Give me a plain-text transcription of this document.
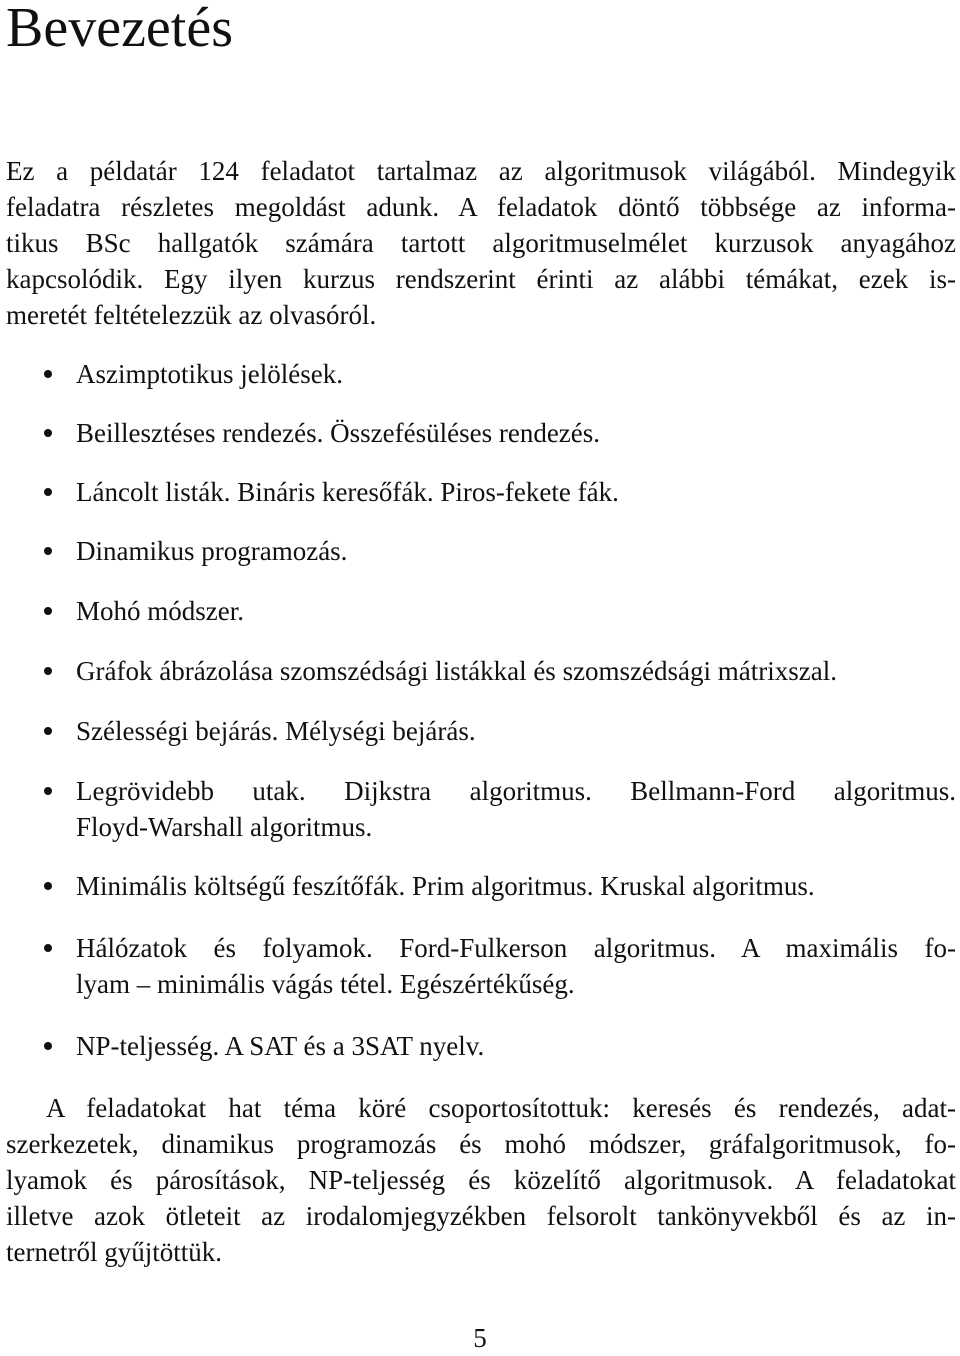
Bevezetés

Ez a példatár 124 feladatot tartalmaz az algoritmusok világából. Mindegyik
feladatra részletes megoldást adunk. A feladatok döntő többsége az informa-
tikus BSc hallgatók számára tartott algoritmuselmélet kurzusok anyagához
kapcsolódik. Egy ilyen kurzus rendszerint érinti az alábbi témákat, ezek is-
meretét feltételezzük az olvasóról.

Aszimptotikus jelölések.
Beillesztéses rendezés. Összefésüléses rendezés.
Láncolt listák. Bináris keresőfák. Piros-fekete fák.
Dinamikus programozás.
Mohó módszer.
Gráfok ábrázolása szomszédsági listákkal és szomszédsági mátrixszal.
Szélességi bejárás. Mélységi bejárás.
Legrövidebb utak. Dijkstra algoritmus. Bellmann-Ford algoritmus.
Floyd-Warshall algoritmus.
Minimális költségű feszítőfák. Prim algoritmus. Kruskal algoritmus.
Hálózatok és folyamok. Ford-Fulkerson algoritmus. A maximális fo-
lyam – minimális vágás tétel. Egészértékűség.
NP-teljesség. A SAT és a 3SAT nyelv.

A feladatokat hat téma köré csoportosítottuk: keresés és rendezés, adat-
szerkezetek, dinamikus programozás és mohó módszer, gráfalgoritmusok, fo-
lyamok és párosítások, NP-teljesség és közelítő algoritmusok. A feladatokat
illetve azok ötleteit az irodalomjegyzékben felsorolt tankönyvekből és az in-
ternetről gyűjtöttük.

5
